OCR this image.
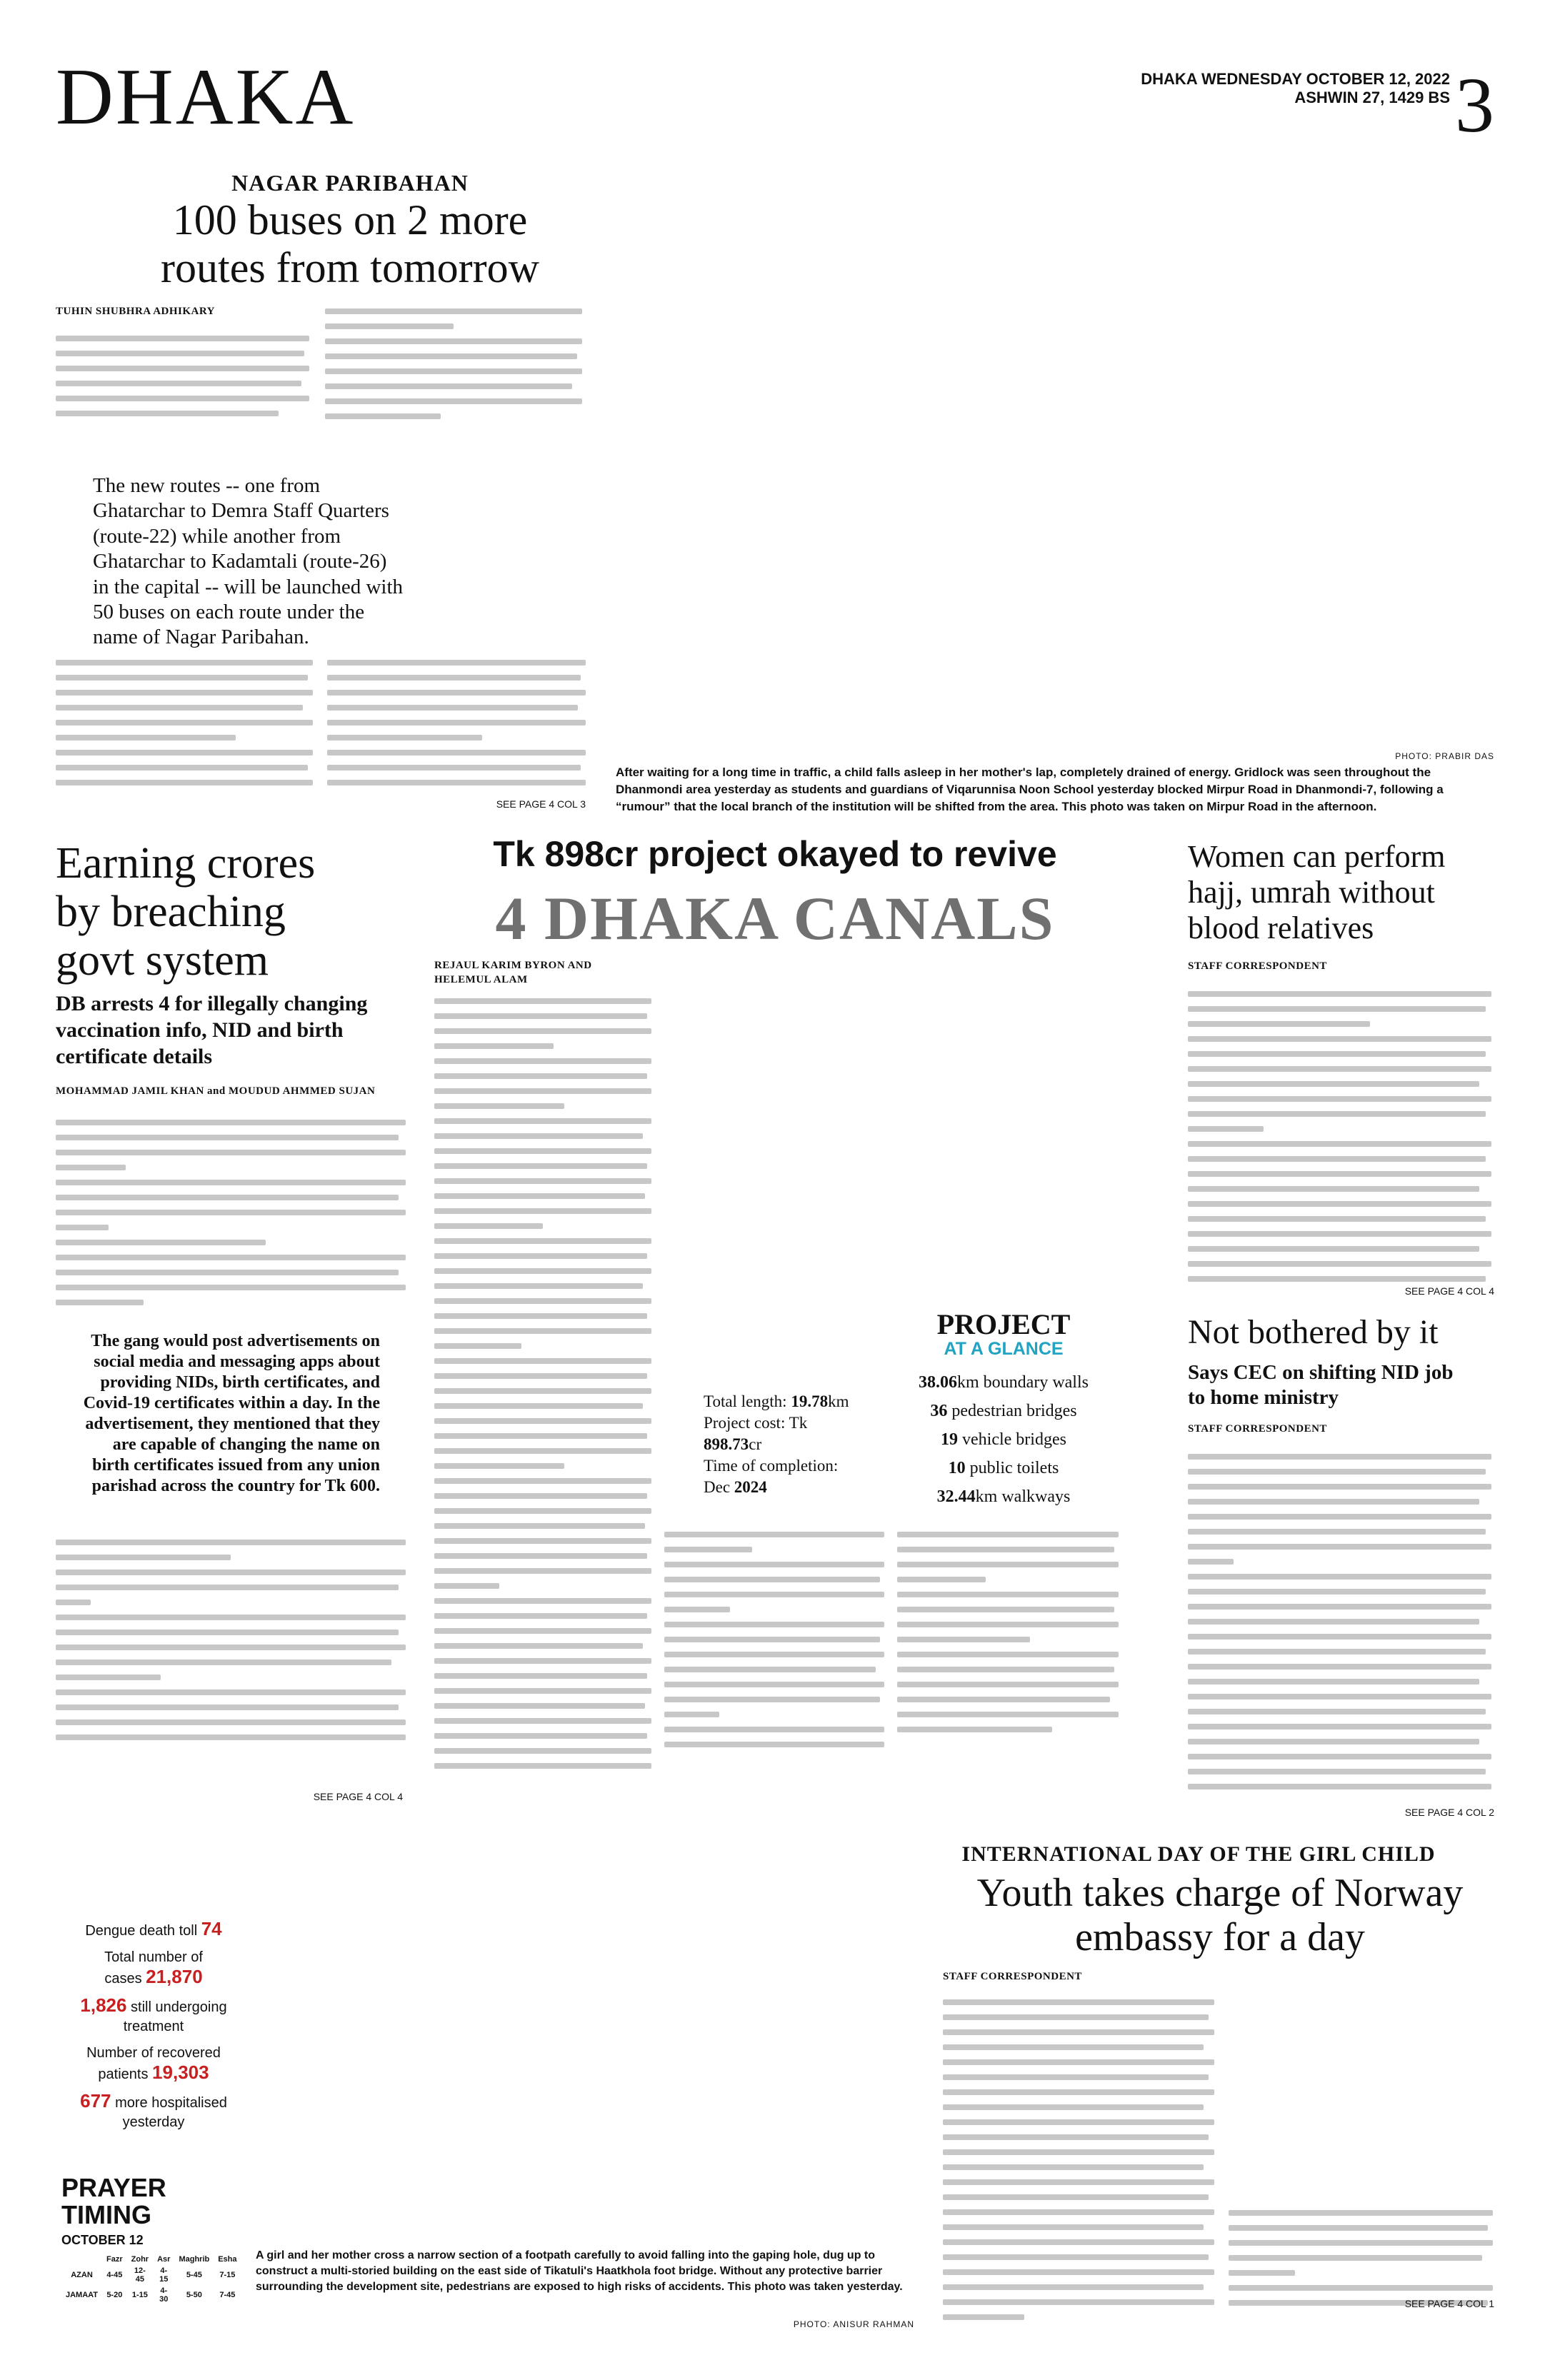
DHAKA	DHAKA WEDNESDAY OCTOBER 12, 2022
ASHWIN 27, 1429 BS 3
NAGAR PARIBAHAN
100 buses on 2 more
routes from tomorrow
TUHIN SHUBHRA ADHIKARY
The new routes -- one from Ghatarchar to Demra Staff Quarters (route-22) while another from Ghatarchar to Kadamtali (route-26) in the capital -- will be launched with 50 buses on each route under the name of Nagar Paribahan.
SEE PAGE 4 COL 3
PHOTO: PRABIR DAS
After waiting for a long time in traffic, a child falls asleep in her mother's lap, completely drained of energy. Gridlock was seen throughout the Dhanmondi area yesterday as students and guardians of Viqarunnisa Noon School yesterday blocked Mirpur Road in Dhanmondi-7, following a “rumour” that the local branch of the institution will be shifted from the area. This photo was taken on Mirpur Road in the afternoon.
Earning crores
by breaching
govt system
DB arrests 4 for illegally changing vaccination info, NID and birth certificate details
MOHAMMAD JAMIL KHAN and MOUDUD AHMMED SUJAN
The gang would post advertisements on social media and messaging apps about providing NIDs, birth certificates, and Covid-19 certificates within a day. In the advertisement, they mentioned that they are capable of changing the name on birth certificates issued from any union parishad across the country for Tk 600.
SEE PAGE 4 COL 4
Tk 898cr project okayed to revive
4 DHAKA CANALS
REJAUL KARIM BYRON AND HELEMUL ALAM
PROJECT
AT A GLANCE
Total length: 19.78km
Project cost: Tk
898.73cr
Time of completion:
Dec 2024
38.06km boundary walls
36 pedestrian bridges
19 vehicle bridges
10 public toilets
32.44km walkways
Women can perform
hajj, umrah without
blood relatives
STAFF CORRESPONDENT
SEE PAGE 4 COL 4
Not bothered by it
Says CEC on shifting NID job to home ministry
STAFF CORRESPONDENT
SEE PAGE 4 COL 2
INTERNATIONAL DAY OF THE GIRL CHILD
Youth takes charge of Norway
embassy for a day
STAFF CORRESPONDENT
SEE PAGE 4 COL 1
Dengue death toll 74
Total number of
cases 21,870
1,826 still undergoing
treatment
Number of recovered
patients 19,303
677 more hospitalised
yesterday
PRAYER
TIMING
OCTOBER 12
	Fazr	Zohr	Asr	Maghrib	Esha
AZAN	4-45	12-45	4-15	5-45	7-15
JAMAAT	5-20	1-15	4-30	5-50	7-45
A girl and her mother cross a narrow section of a footpath carefully to avoid falling into the gaping hole, dug up to construct a multi-storied building on the east side of Tikatuli's Haatkhola foot bridge. Without any protective barrier surrounding the development site, pedestrians are exposed to high risks of accidents. This photo was taken yesterday.
PHOTO: ANISUR RAHMAN
